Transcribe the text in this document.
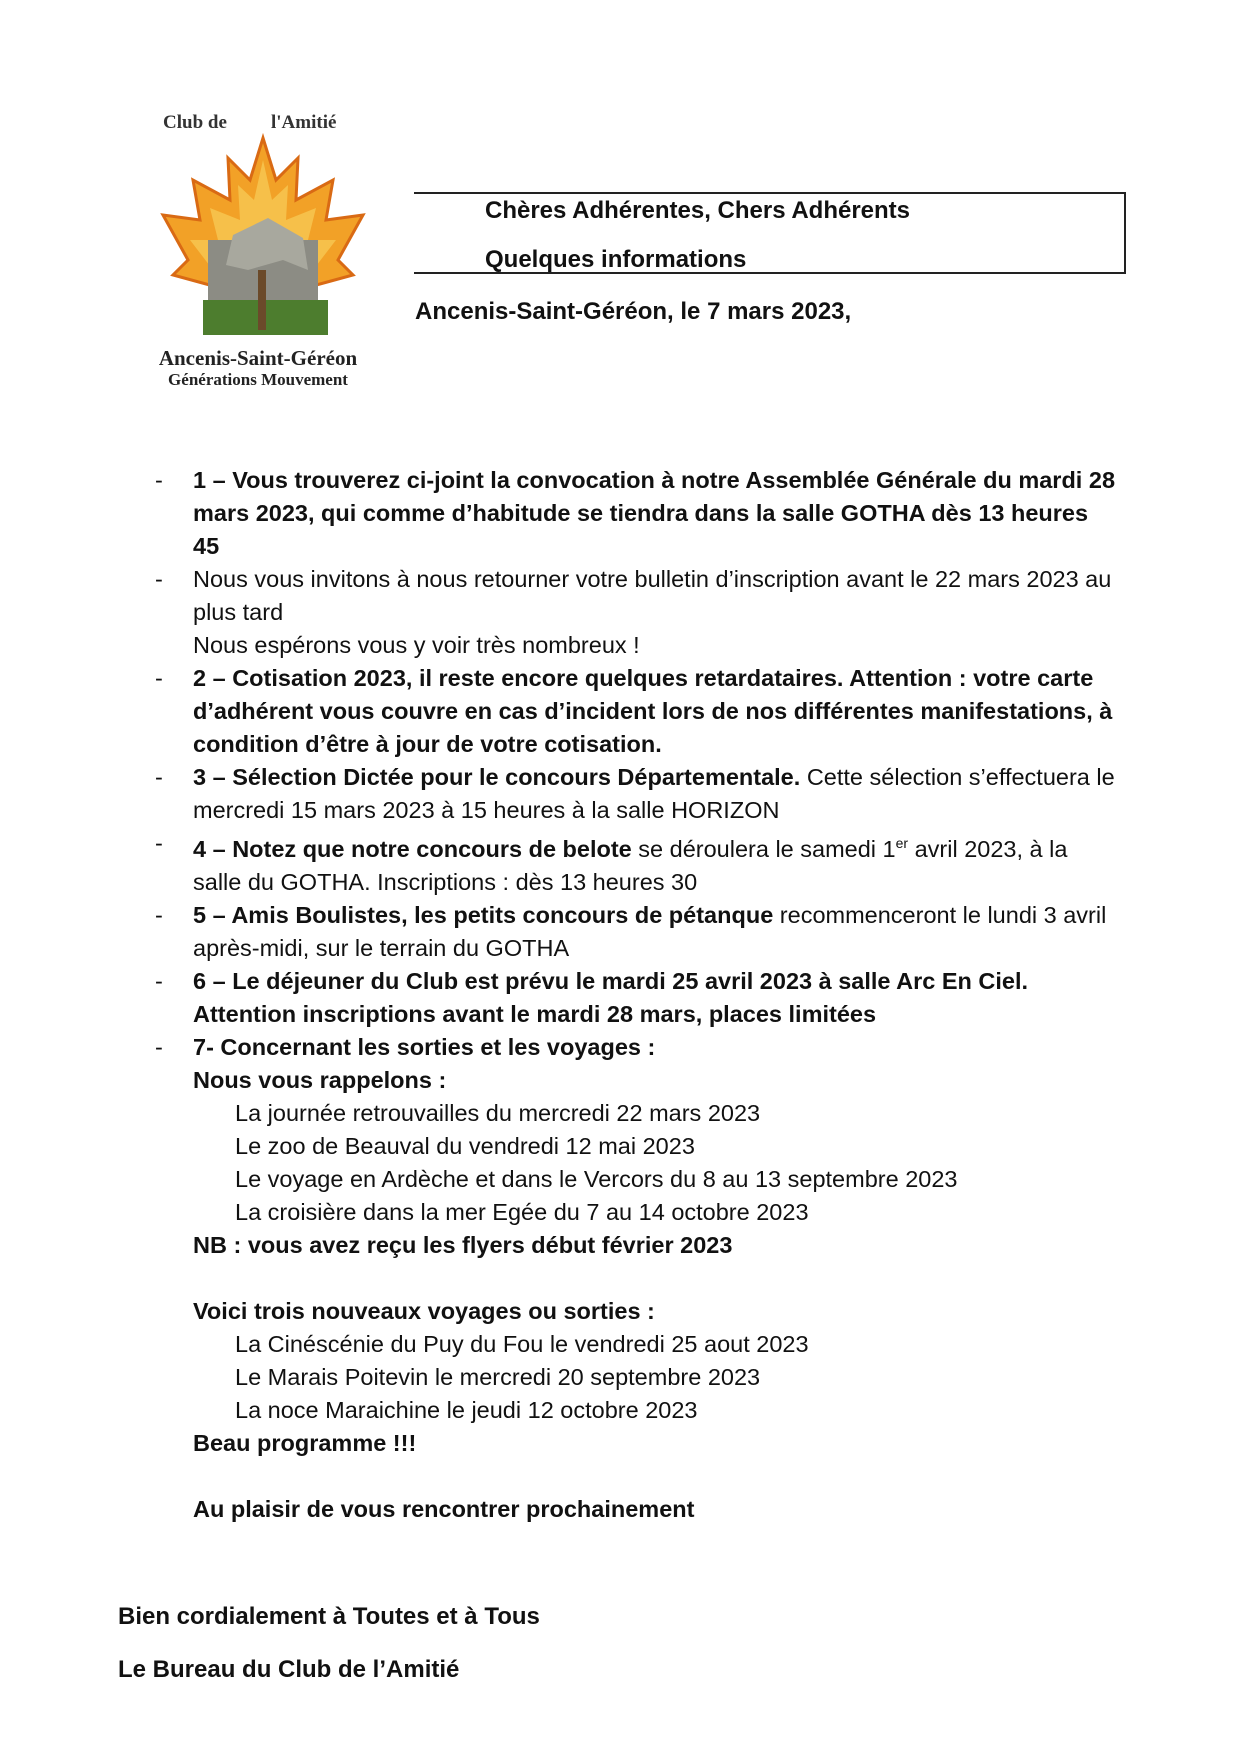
Club de l'Amitié
Ancenis-Saint-Géréon
Générations Mouvement
Chères Adhérentes, Chers Adhérents
Quelques informations
Ancenis-Saint-Géréon, le 7 mars 2023,
- 1 – Vous trouverez ci-joint la convocation à notre Assemblée Générale du mardi 28 mars 2023, qui comme d’habitude se tiendra dans la salle GOTHA dès 13 heures 45
- Nous vous invitons à nous retourner votre bulletin d’inscription avant le 22 mars 2023 au plus tard
Nous espérons vous y voir très nombreux !
- 2 – Cotisation 2023, il reste encore quelques retardataires. Attention : votre carte d’adhérent vous couvre en cas d’incident lors de nos différentes manifestations, à condition d’être à jour de votre cotisation.
- 3 – Sélection Dictée pour le concours Départementale. Cette sélection s’effectuera le mercredi 15 mars 2023 à 15 heures à la salle HORIZON
- 4 – Notez que notre concours de belote se déroulera le samedi 1er avril 2023, à la salle du GOTHA. Inscriptions : dès 13 heures 30
- 5 – Amis Boulistes, les petits concours de pétanque recommenceront le lundi 3 avril après-midi, sur le terrain du GOTHA
- 6 – Le déjeuner du Club est prévu le mardi 25 avril 2023 à salle Arc En Ciel. Attention inscriptions avant le mardi 28 mars, places limitées
- 7- Concernant les sorties et les voyages :
Nous vous rappelons :
La journée retrouvailles du mercredi 22 mars 2023
Le zoo de Beauval du vendredi 12 mai 2023
Le voyage en Ardèche et dans le Vercors du 8 au 13 septembre 2023
La croisière dans la mer Egée du 7 au 14 octobre 2023
NB : vous avez reçu les flyers début février 2023
Voici trois nouveaux voyages ou sorties :
La Cinéscénie du Puy du Fou le vendredi 25 aout 2023
Le Marais Poitevin le mercredi 20 septembre 2023
La noce Maraichine le jeudi 12 octobre 2023
Beau programme !!!
Au plaisir de vous rencontrer prochainement
Bien cordialement à Toutes et à Tous
Le Bureau du Club de l’Amitié
